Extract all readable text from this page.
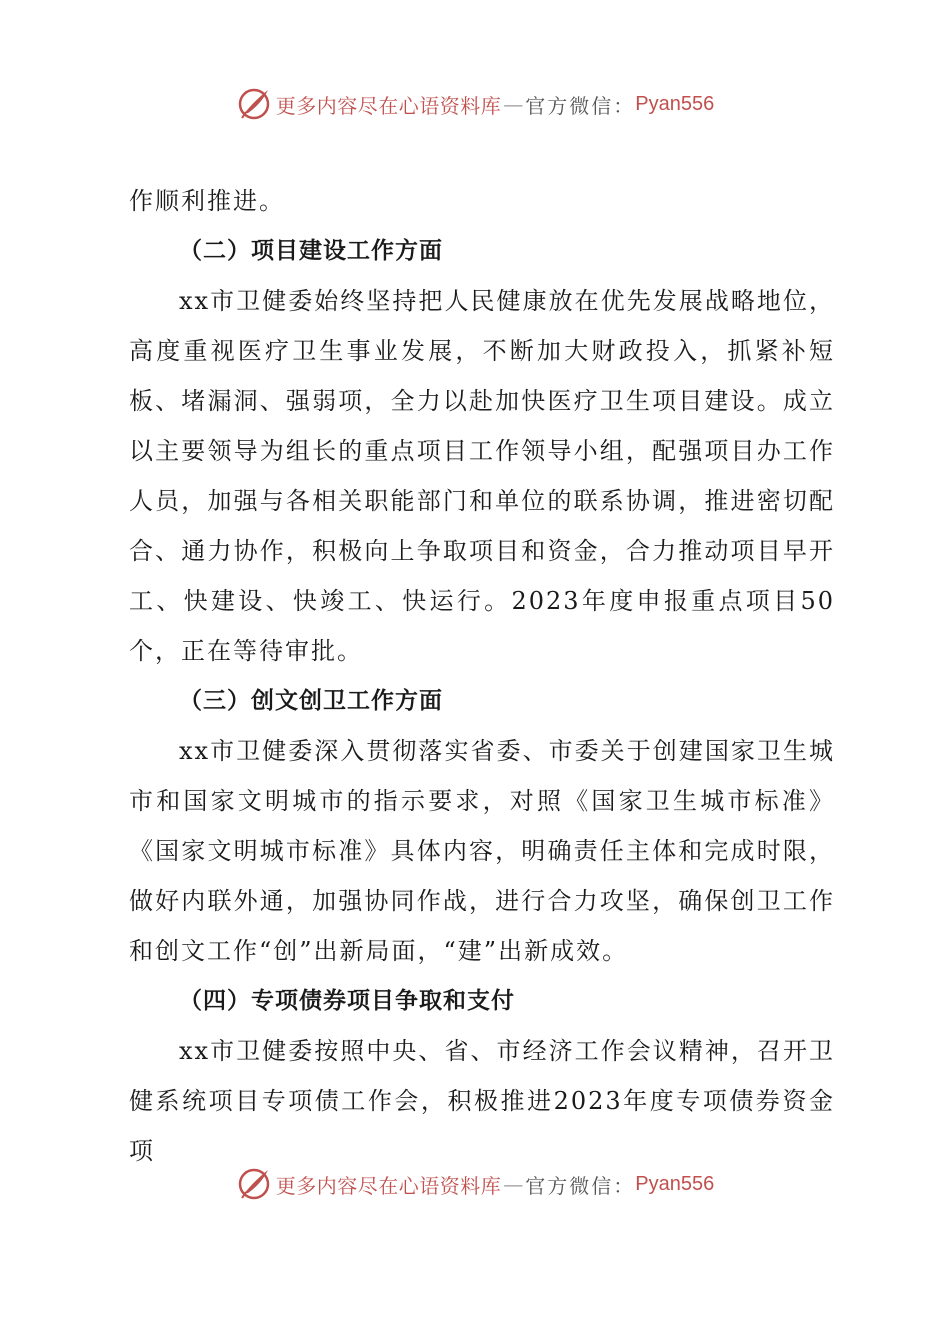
更多内容尽在心语资料库 — 官方微信： Pyan556

作顺利推进。

（二）项目建设工作方面

xx市卫健委始终坚持把人民健康放在优先发展战略地位，高度重视医疗卫生事业发展，不断加大财政投入，抓紧补短板、堵漏洞、强弱项，全力以赴加快医疗卫生项目建设。成立以主要领导为组长的重点项目工作领导小组，配强项目办工作人员，加强与各相关职能部门和单位的联系协调，推进密切配合、通力协作，积极向上争取项目和资金，合力推动项目早开工、快建设、快竣工、快运行。2023年度申报重点项目50个，正在等待审批。

（三）创文创卫工作方面

xx市卫健委深入贯彻落实省委、市委关于创建国家卫生城市和国家文明城市的指示要求，对照《国家卫生城市标准》《国家文明城市标准》具体内容，明确责任主体和完成时限，做好内联外通，加强协同作战，进行合力攻坚，确保创卫工作和创文工作“创”出新局面，“建”出新成效。

（四）专项债券项目争取和支付

xx市卫健委按照中央、省、市经济工作会议精神，召开卫健系统项目专项债工作会，积极推进2023年度专项债券资金项

更多内容尽在心语资料库 — 官方微信： Pyan556
